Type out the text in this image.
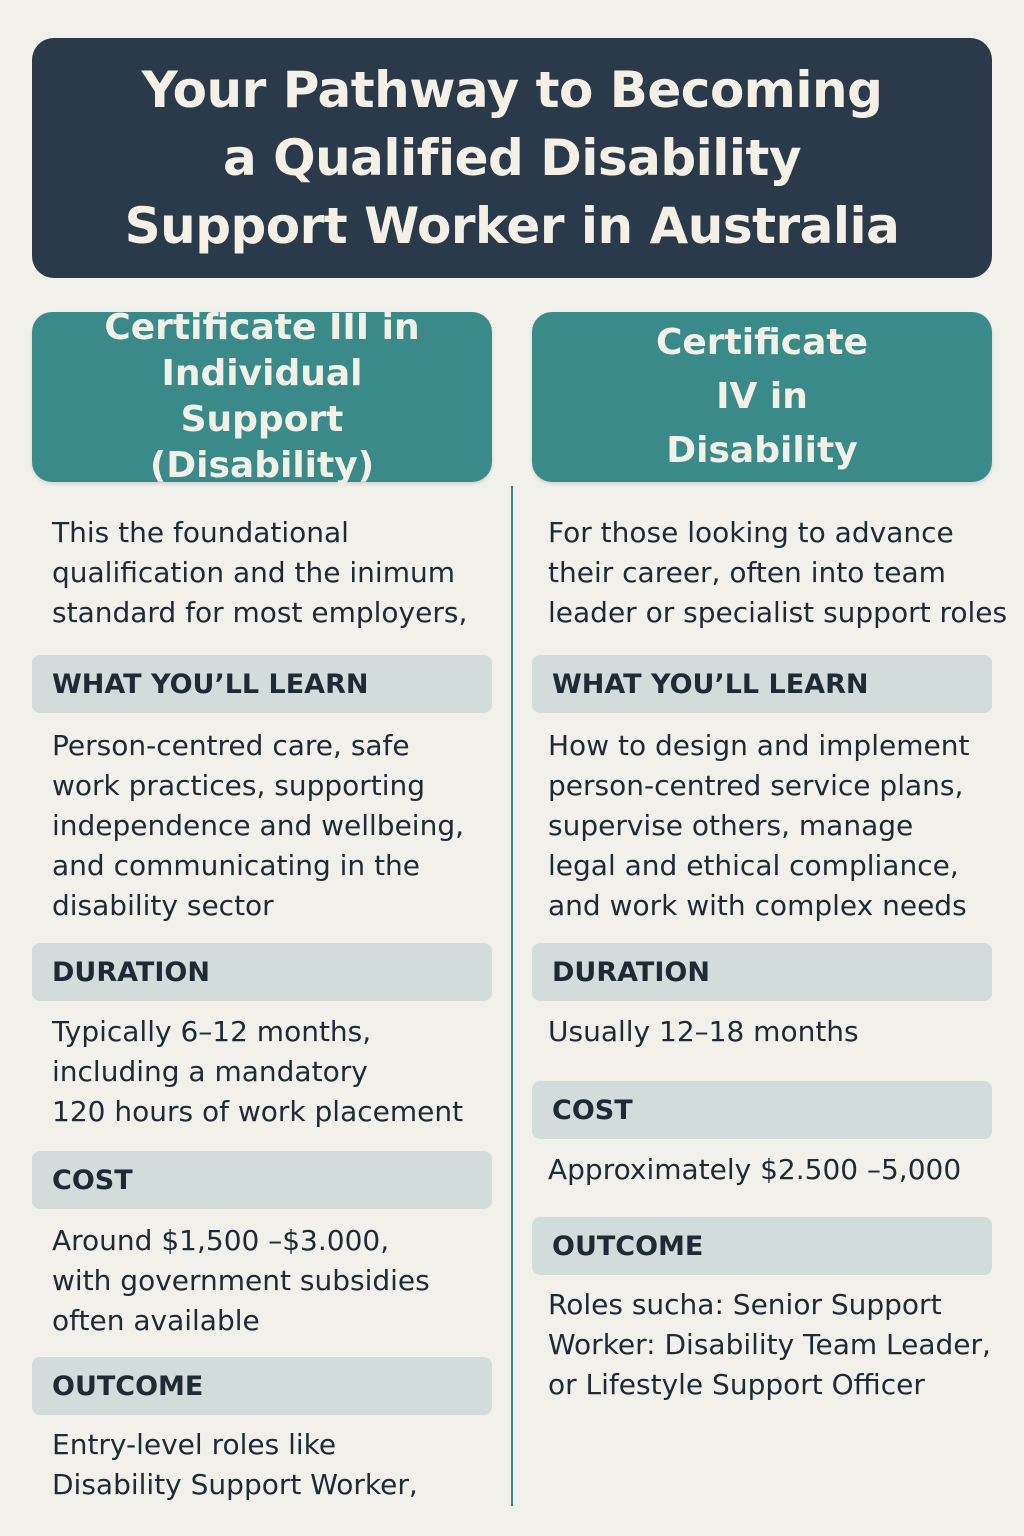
Your Pathway to Becoming a Qualified Disability Support Worker in Australia
Certificate III in Individual Support (Disability)
Certificate IV in Disability
This the foundational
qualification and the inimum
standard for most employers,
WHAT YOU’LL LEARN
Person-centred care, safe
work practices, supporting
independence and wellbeing,
and communicating in the
disability sector
DURATION
Typically 6–12 months,
including a mandatory
120 hours of work placement
COST
Around $1,500 –$3.000,
with government subsidies
often available
OUTCOME
Entry-level roles like
Disability Support Worker,
For those looking to advance
their career, often into team
leader or specialist support roles
WHAT YOU’LL LEARN
How to design and implement
person-centred service plans,
supervise others, manage
legal and ethical compliance,
and work with complex needs
DURATION
Usually 12–18 months
COST
Approximately $2.500 –5,000
OUTCOME
Roles sucha: Senior Support
Worker: Disability Team Leader,
or Lifestyle Support Officer
